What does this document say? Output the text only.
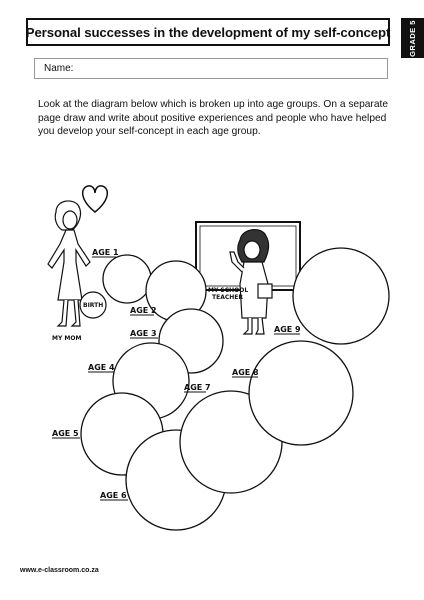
Personal successes in the development of my self-concept GRADE 5
Name:
Look at the diagram below which is broken up into age groups. On a separate page draw and write about positive experiences and people who have helped you develop your self-concept in each age group.
AGE 1
AGE 2
AGE 3
AGE 4
AGE 5
AGE 6
AGE 7
AGE 8
AGE 9
BIRTH
MY MOM
MY SCHOOL
TEACHER
www.e-classroom.co.za
